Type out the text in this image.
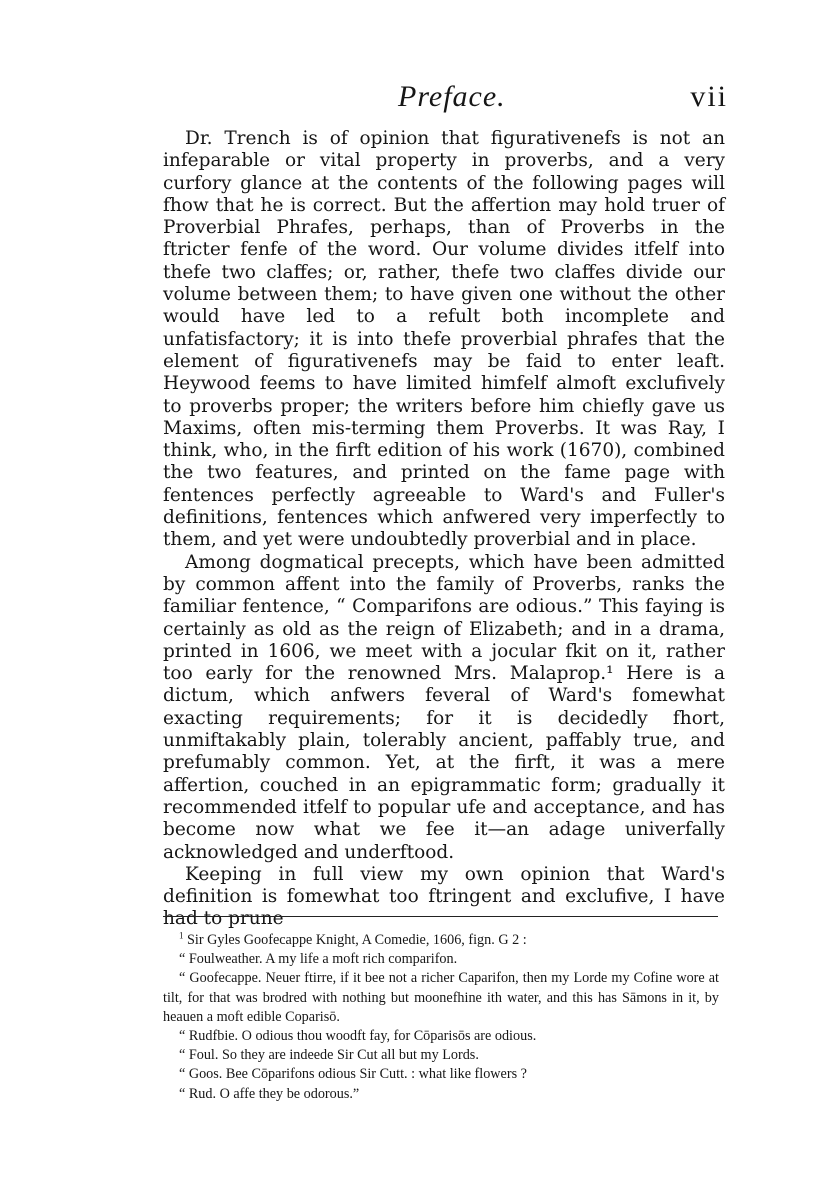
Preface.	vii

Dr. Trench is of opinion that figurativenefs is not an infeparable or vital property in proverbs, and a very curfory glance at the contents of the following pages will fhow that he is correct. But the affertion may hold truer of Proverbial Phrafes, perhaps, than of Proverbs in the ftricter fenfe of the word. Our volume divides itfelf into thefe two claffes; or, rather, thefe two claffes divide our volume between them; to have given one without the other would have led to a refult both incomplete and unfatisfactory; it is into thefe proverbial phrafes that the element of figurativenefs may be faid to enter leaft. Heywood feems to have limited himfelf almoft exclufively to proverbs proper; the writers before him chiefly gave us Maxims, often mis-terming them Proverbs. It was Ray, I think, who, in the firft edition of his work (1670), combined the two features, and printed on the fame page with fentences perfectly agreeable to Ward's and Fuller's definitions, fentences which anfwered very imperfectly to them, and yet were undoubtedly proverbial and in place.

Among dogmatical precepts, which have been admitted by common affent into the family of Proverbs, ranks the familiar fentence, “ Comparifons are odious.” This faying is certainly as old as the reign of Elizabeth; and in a drama, printed in 1606, we meet with a jocular fkit on it, rather too early for the renowned Mrs. Malaprop.¹ Here is a dictum, which anfwers feveral of Ward's fomewhat exacting requirements; for it is decidedly fhort, unmiftakably plain, tolerably ancient, paffably true, and prefumably common. Yet, at the firft, it was a mere affertion, couched in an epigrammatic form; gradually it recommended itfelf to popular ufe and acceptance, and has become now what we fee it—an adage univerfally acknowledged and underftood.

Keeping in full view my own opinion that Ward's definition is fomewhat too ftringent and exclufive, I have had to prune

$^1$ Sir Gyles Goofecappe Knight, A Comedie, 1606, fign. G 2 :

“ Foulweather. A my life a moft rich comparifon.

“ Goofecappe. Neuer ftirre, if it bee not a richer Caparifon, then my Lorde my Cofine wore at tilt, for that was brodred with nothing but moonefhine ith water, and this has Sāmons in it, by heauen a moft edible Coparisō.

“ Rudfbie. O odious thou woodft fay, for Cōparisōs are odious.

“ Foul. So they are indeede Sir Cut all but my Lords.

“ Goos. Bee Cōparifons odious Sir Cutt. : what like flowers ?

“ Rud. O affe they be odorous.”
